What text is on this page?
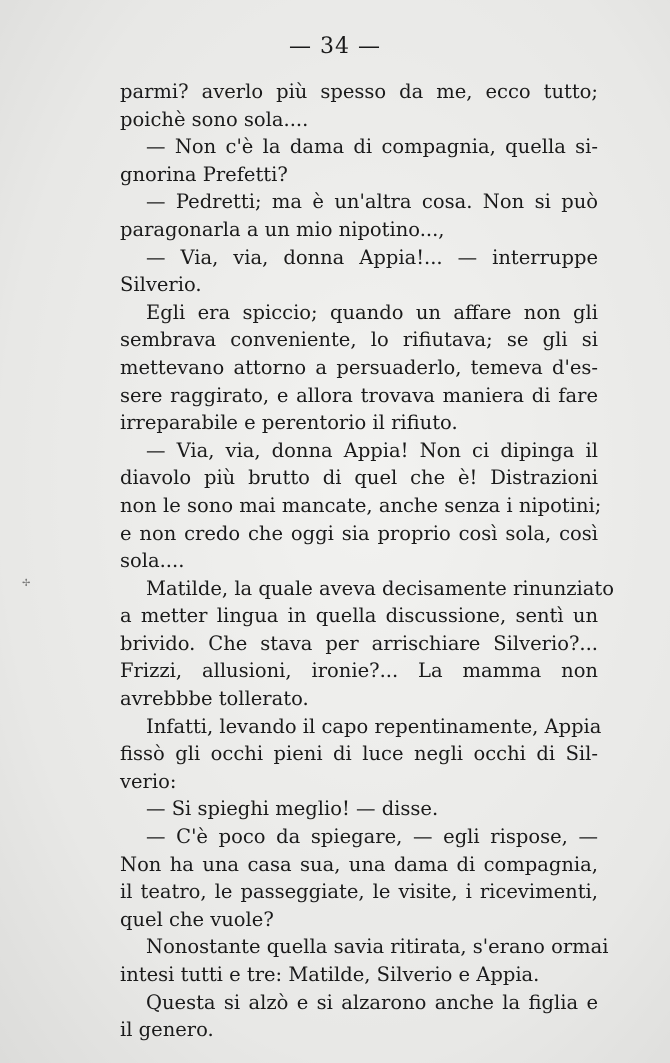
— 34 —
parmi? averlo più spesso da me, ecco tutto;
poichè sono sola....
— Non c'è la dama di compagnia, quella si-
gnorina Prefetti?
— Pedretti; ma è un'altra cosa. Non si può
paragonarla a un mio nipotino...,
— Via, via, donna Appia!... — interruppe
Silverio.
Egli era spiccio; quando un affare non gli
sembrava conveniente, lo rifiutava; se gli si
mettevano attorno a persuaderlo, temeva d'es-
sere raggirato, e allora trovava maniera di fare
irreparabile e perentorio il rifiuto.
— Via, via, donna Appia! Non ci dipinga il
diavolo più brutto di quel che è! Distrazioni
non le sono mai mancate, anche senza i nipotini;
e non credo che oggi sia proprio così sola, così
sola....
Matilde, la quale aveva decisamente rinunziato
a metter lingua in quella discussione, sentì un
brivido. Che stava per arrischiare Silverio?...
Frizzi, allusioni, ironie?... La mamma non
avrebbbe tollerato.
Infatti, levando il capo repentinamente, Appia
fissò gli occhi pieni di luce negli occhi di Sil-
verio:
— Si spieghi meglio! — disse.
— C'è poco da spiegare, — egli rispose, —
Non ha una casa sua, una dama di compagnia,
il teatro, le passeggiate, le visite, i ricevimenti,
quel che vuole?
Nonostante quella savia ritirata, s'erano ormai
intesi tutti e tre: Matilde, Silverio e Appia.
Questa si alzò e si alzarono anche la figlia e
il genero.
✢
